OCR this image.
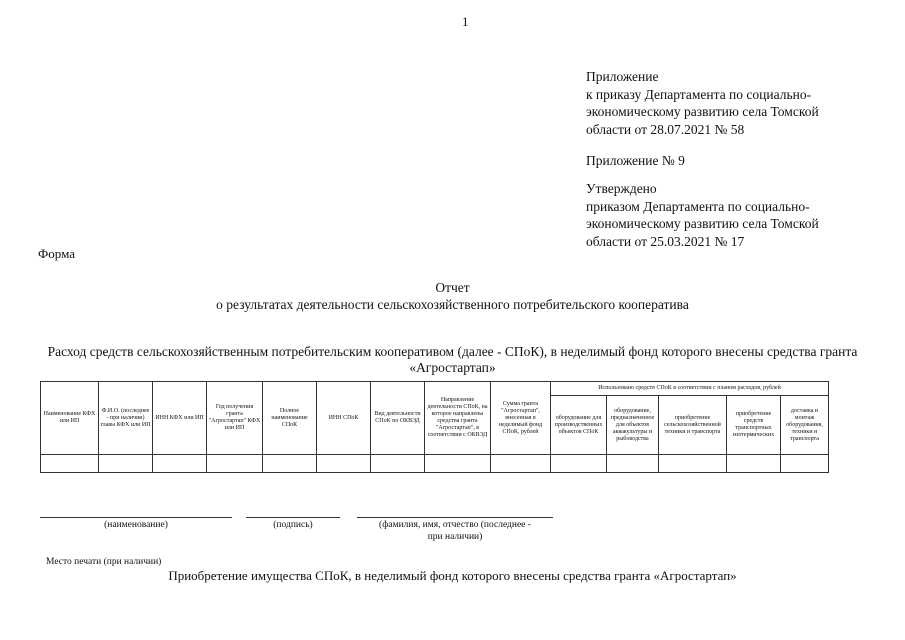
1
Приложение
к приказу Департамента по социально-
экономическому развитию села Томской
области от 28.07.2021 № 58
Приложение № 9
Утверждено
приказом Департамента по социально-
экономическому развитию села Томской
области от 25.03.2021 № 17
Форма
Отчет
о результатах деятельности сельскохозяйственного потребительского кооператива
Расход средств сельскохозяйственным потребительским кооперативом (далее - СПоК), в неделимый фонд которого внесены средства гранта «Агростартап»
Наименование КФХ или ИП	Ф.И.О. (последнее - при наличии) главы КФХ или ИП	ИНН КФХ или ИП	Год получения гранта "Агростартап" КФХ или ИП	Полное наименование СПоК	ИНН СПоК	Вид деятельности СПоК по ОКВЭД	Направление деятельности СПоК, на которое направлены средства гранта "Агростартап", в соответствии с ОКВЭД	Сумма гранта "Агростартап", внесенная в неделимый фонд СПоК, рублей	Использовано средств СПоК в соответствии с планом расходов, рублей				
									оборудование для производственных объектов СПоК	оборудование, предназначенное для объектов аквакультуры и рыбоводства	приобретение сельскохозяйственной техники и транспорта	приобретение средств транспортных изотермических	доставка и монтаж оборудования, техники и транспорта

(наименование)	(подпись)	(фамилия, имя, отчество (последнее -
при наличии)
Место печати (при наличии)
Приобретение имущества СПоК, в неделимый фонд которого внесены средства гранта «Агростартап»
